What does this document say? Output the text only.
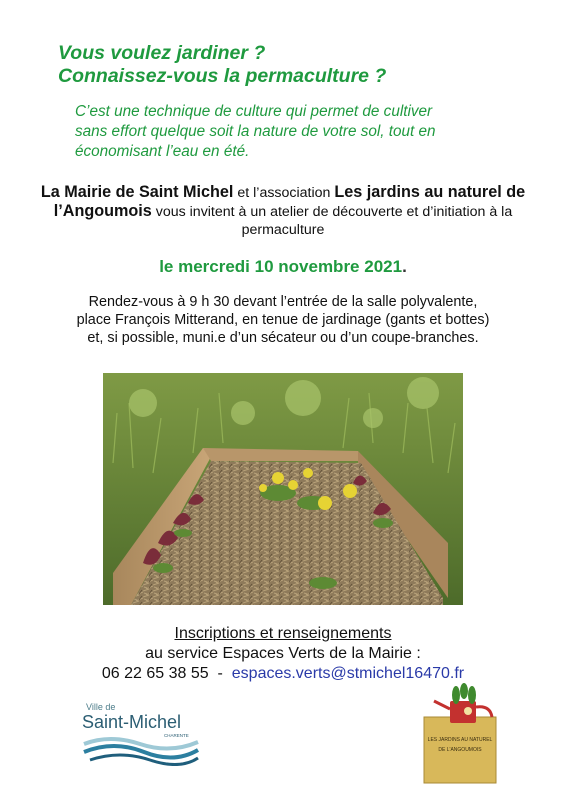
Vous voulez jardiner ?
Connaissez-vous la permaculture ?
C’est une technique de culture qui permet de cultiver
sans effort quelque soit la nature de votre sol, tout en
économisant l’eau en été.
La Mairie de Saint Michel et l’association Les jardins au naturel de l’Angoumois vous invitent à un atelier de découverte et d’initiation à la permaculture
le mercredi 10 novembre 2021.
Rendez-vous à 9 h 30 devant l’entrée de la salle polyvalente,
place François Mitterand, en tenue de jardinage (gants et bottes)
et, si possible, muni.e d’un sécateur ou d’un coupe-branches.
Inscriptions et renseignements
au service Espaces Verts de la Mairie :
06 22 65 38 55  -  espaces.verts@stmichel16470.fr
Ville de
Saint-Michel
CHARENTE
LES JARDINS AU NATUREL
DE L'ANGOUMOIS
